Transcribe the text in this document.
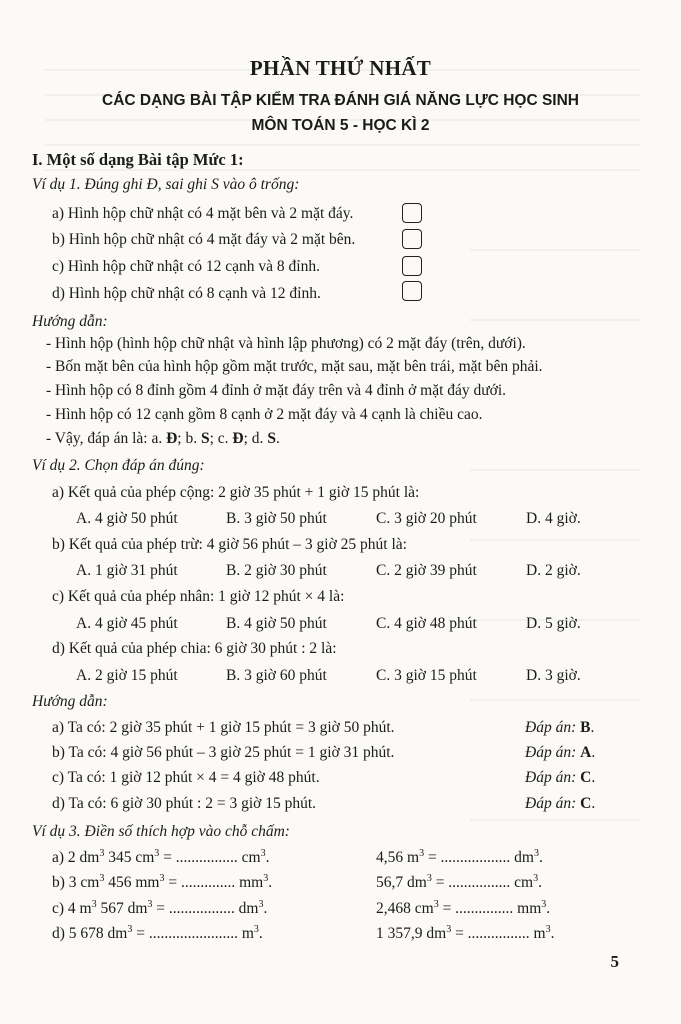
PHẦN THỨ NHẤT
CÁC DẠNG BÀI TẬP KIỂM TRA ĐÁNH GIÁ NĂNG LỰC HỌC SINH
MÔN TOÁN 5 - HỌC KÌ 2
I. Một số dạng Bài tập Mức 1:
Ví dụ 1. Đúng ghi Đ, sai ghi S vào ô trống:
a) Hình hộp chữ nhật có 4 mặt bên và 2 mặt đáy.
b) Hình hộp chữ nhật có 4 mặt đáy và 2 mặt bên.
c) Hình hộp chữ nhật có 12 cạnh và 8 đỉnh.
d) Hình hộp chữ nhật có 8 cạnh và 12 đỉnh.
Hướng dẫn:
- Hình hộp (hình hộp chữ nhật và hình lập phương) có 2 mặt đáy (trên, dưới).
- Bốn mặt bên của hình hộp gồm mặt trước, mặt sau, mặt bên trái, mặt bên phải.
- Hình hộp có 8 đỉnh gồm 4 đỉnh ở mặt đáy trên và 4 đỉnh ở mặt đáy dưới.
- Hình hộp có 12 cạnh gồm 8 cạnh ở 2 mặt đáy và 4 cạnh là chiều cao.
- Vậy, đáp án là: a. Đ; b. S; c. Đ; d. S.
Ví dụ 2. Chọn đáp án đúng:
a) Kết quả của phép cộng: 2 giờ 35 phút + 1 giờ 15 phút là:
A. 4 giờ 50 phút	B. 3 giờ 50 phút	C. 3 giờ 20 phút	D. 4 giờ.
b) Kết quả của phép trừ: 4 giờ 56 phút – 3 giờ 25 phút là:
A. 1 giờ 31 phút	B. 2 giờ 30 phút	C. 2 giờ 39 phút	D. 2 giờ.
c) Kết quả của phép nhân: 1 giờ 12 phút × 4 là:
A. 4 giờ 45 phút	B. 4 giờ 50 phút	C. 4 giờ 48 phút	D. 5 giờ.
d) Kết quả của phép chia: 6 giờ 30 phút : 2 là:
A. 2 giờ 15 phút	B. 3 giờ 60 phút	C. 3 giờ 15 phút	D. 3 giờ.
Hướng dẫn:
a) Ta có: 2 giờ 35 phút + 1 giờ 15 phút = 3 giờ 50 phút.	Đáp án: B.
b) Ta có: 4 giờ 56 phút – 3 giờ 25 phút = 1 giờ 31 phút.	Đáp án: A.
c) Ta có: 1 giờ 12 phút × 4 = 4 giờ 48 phút.	Đáp án: C.
d) Ta có: 6 giờ 30 phút : 2 = 3 giờ 15 phút.	Đáp án: C.
Ví dụ 3. Điền số thích hợp vào chỗ chấm:
a) 2 $dm^3$ 345 $cm^3$ = ................ $cm^3$.	4,56 $m^3$ = .................. $dm^3$.
b) 3 $cm^3$ 456 $mm^3$ = .............. $mm^3$.	56,7 $dm^3$ = ................ $cm^3$.
c) 4 $m^3$ 567 $dm^3$ = ................. $dm^3$.	2,468 $cm^3$ = ............... $mm^3$.
d) 5 678 $dm^3$ = ....................... $m^3$.	1 357,9 $dm^3$ = ................ $m^3$.
5
